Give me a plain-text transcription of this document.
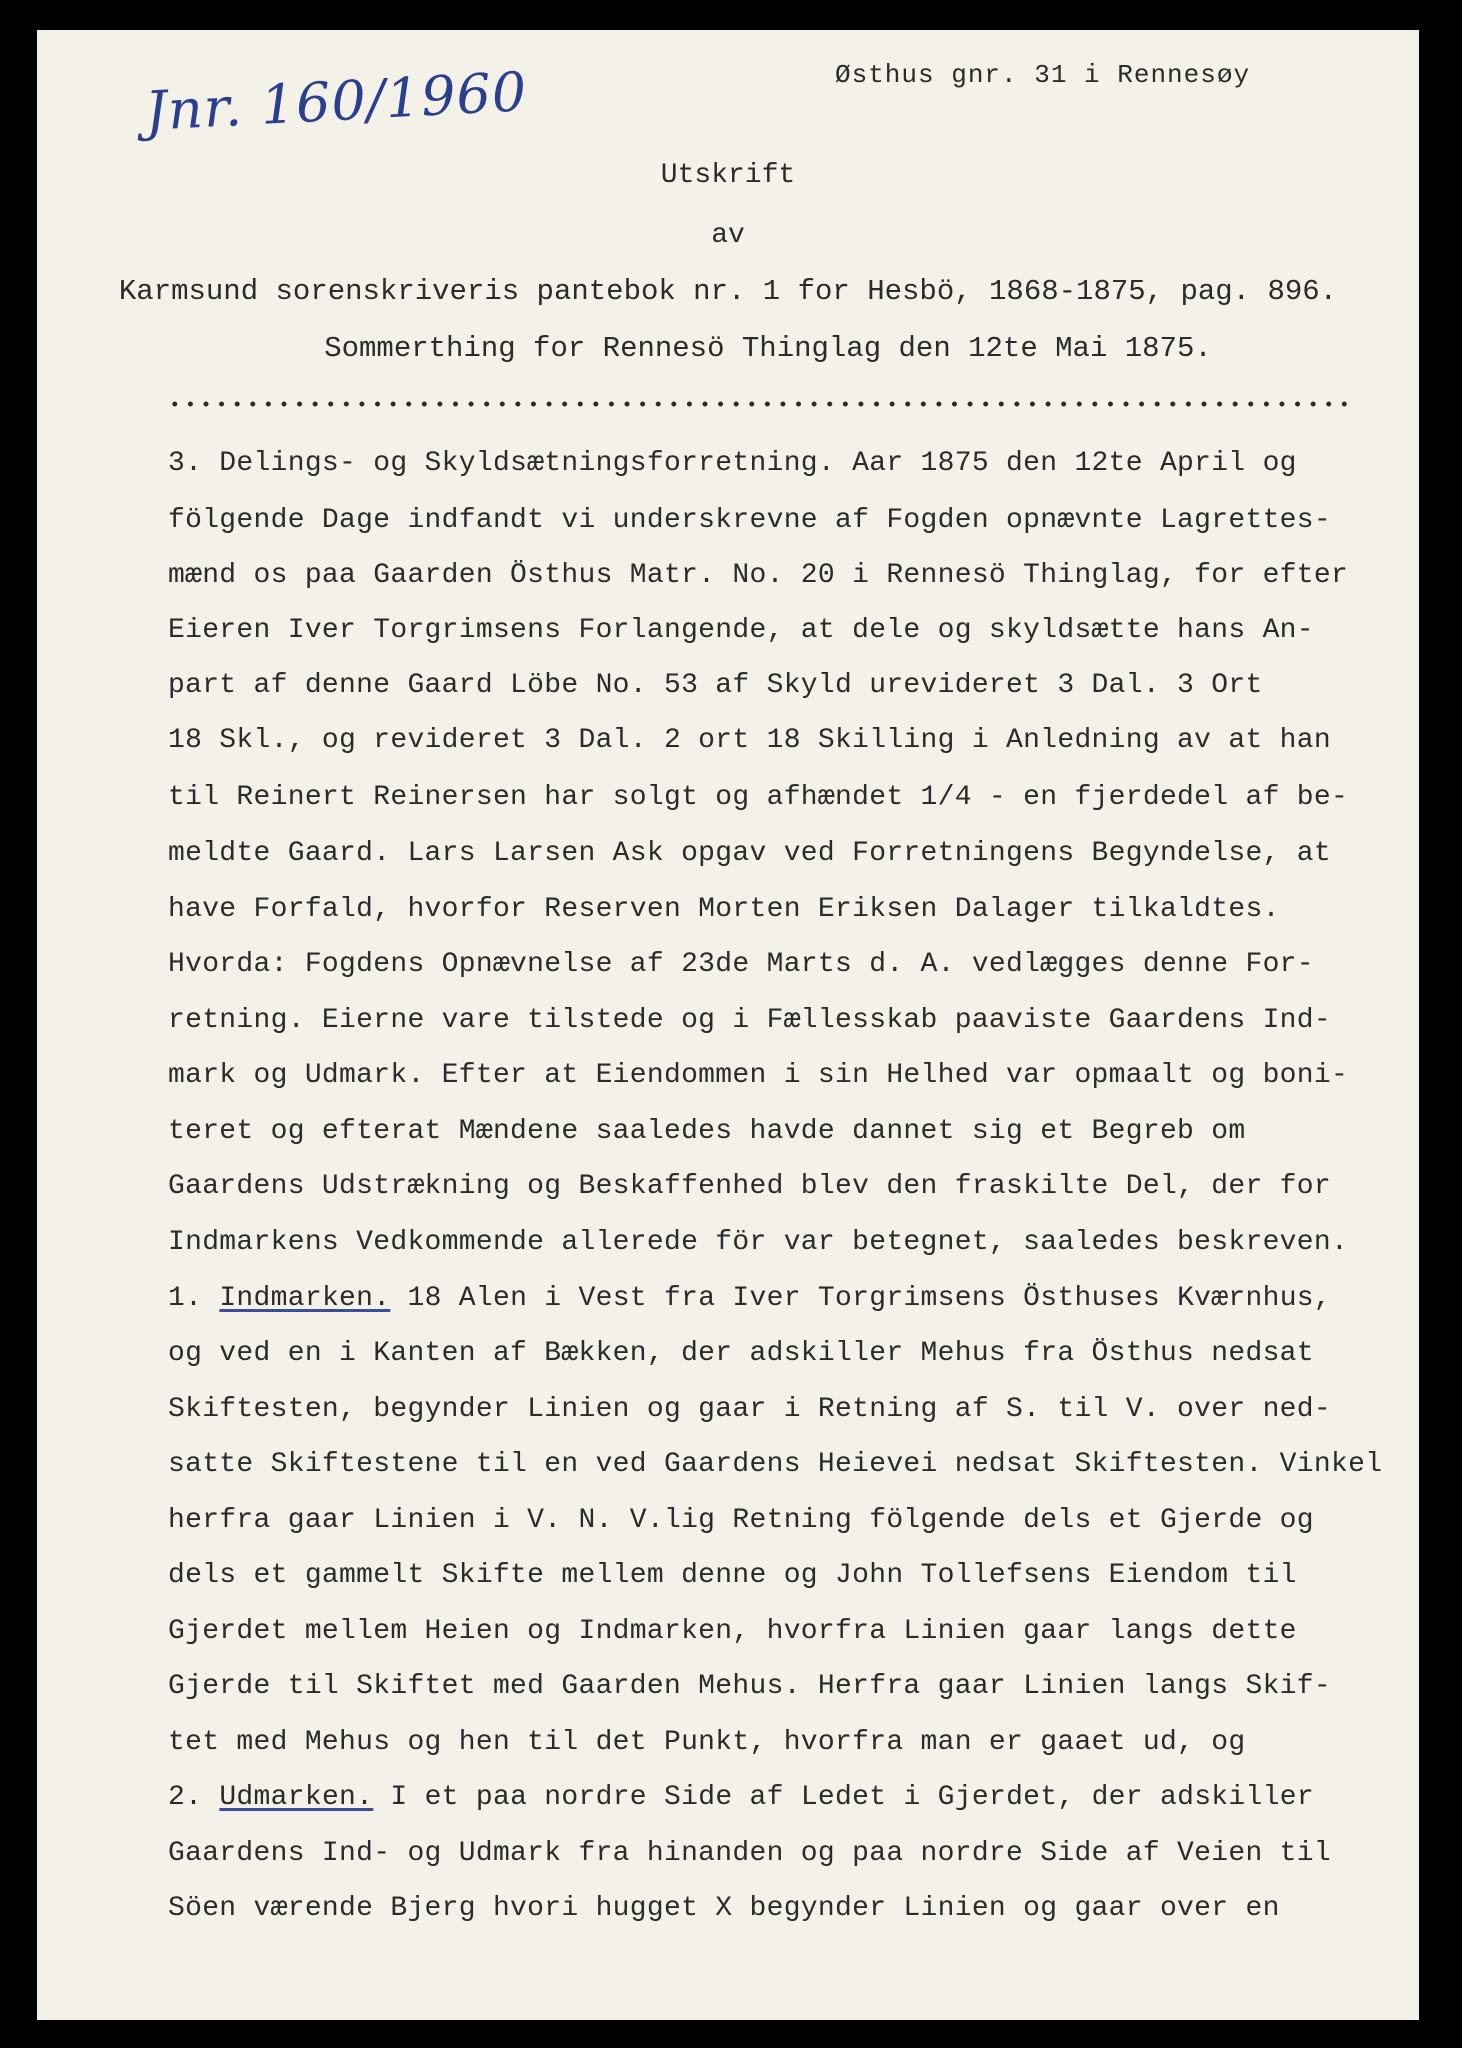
Jnr. 160/1960	Østhus gnr. 31 i Rennesøy
Utskrift
av
Karmsund sorenskriveris pantebok nr. 1 for Hesbö, 1868-1875, pag. 896.
Sommerthing for Rennesö Thinglag den 12te Mai 1875.
3. Delings- og Skyldsætningsforretning. Aar 1875 den 12te April og
fölgende Dage indfandt vi underskrevne af Fogden opnævnte Lagrettes-
mænd os paa Gaarden Östhus Matr. No. 20 i Rennesö Thinglag, for efter
Eieren Iver Torgrimsens Forlangende, at dele og skyldsætte hans An-
part af denne Gaard Löbe No. 53 af Skyld urevideret 3 Dal. 3 Ort
18 Skl., og revideret 3 Dal. 2 ort 18 Skilling i Anledning av at han
til Reinert Reinersen har solgt og afhændet 1/4 - en fjerdedel af be-
meldte Gaard. Lars Larsen Ask opgav ved Forretningens Begyndelse, at
have Forfald, hvorfor Reserven Morten Eriksen Dalager tilkaldtes.
Hvorda: Fogdens Opnævnelse af 23de Marts d. A. vedlægges denne For-
retning. Eierne vare tilstede og i Fællesskab paaviste Gaardens Ind-
mark og Udmark. Efter at Eiendommen i sin Helhed var opmaalt og boni-
teret og efterat Mændene saaledes havde dannet sig et Begreb om
Gaardens Udstrækning og Beskaffenhed blev den fraskilte Del, der for
Indmarkens Vedkommende allerede för var betegnet, saaledes beskreven.
1. Indmarken. 18 Alen i Vest fra Iver Torgrimsens Östhuses Kværnhus,
og ved en i Kanten af Bækken, der adskiller Mehus fra Östhus nedsat
Skiftesten, begynder Linien og gaar i Retning af S. til V. over ned-
satte Skiftestene til en ved Gaardens Heievei nedsat Skiftesten. Vinkel
herfra gaar Linien i V. N. V.lig Retning fölgende dels et Gjerde og
dels et gammelt Skifte mellem denne og John Tollefsens Eiendom til
Gjerdet mellem Heien og Indmarken, hvorfra Linien gaar langs dette
Gjerde til Skiftet med Gaarden Mehus. Herfra gaar Linien langs Skif-
tet med Mehus og hen til det Punkt, hvorfra man er gaaet ud, og
2. Udmarken. I et paa nordre Side af Ledet i Gjerdet, der adskiller
Gaardens Ind- og Udmark fra hinanden og paa nordre Side af Veien til
Söen værende Bjerg hvori hugget X begynder Linien og gaar over en
